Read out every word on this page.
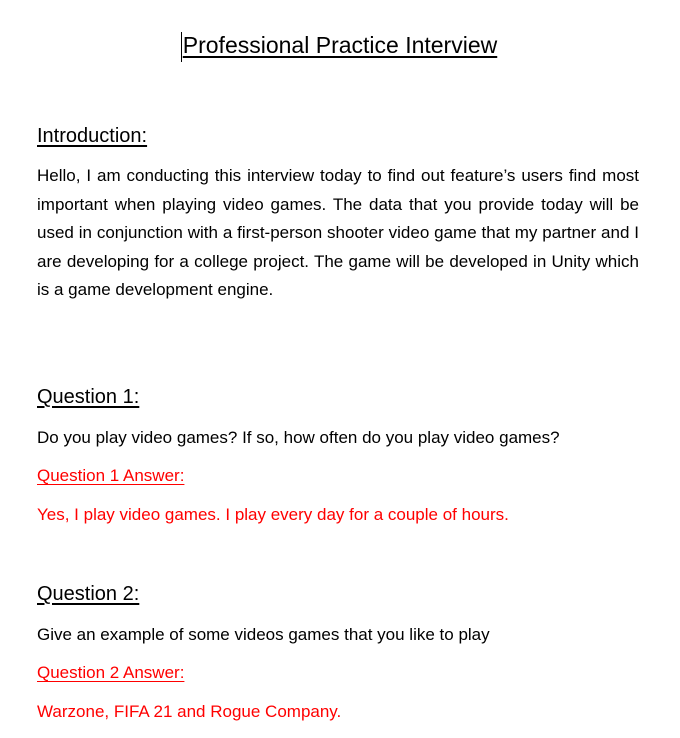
Professional Practice Interview
Introduction:

Hello, I am conducting this interview today to find out feature’s users find most important when playing video games. The data that you provide today will be used in conjunction with a first-person shooter video game that my partner and I are developing for a college project. The game will be developed in Unity which is a game development engine.

Question 1:

Do you play video games? If so, how often do you play video games?

Question 1 Answer:

Yes, I play video games. I play every day for a couple of hours.

Question 2:

Give an example of some videos games that you like to play

Question 2 Answer:

Warzone, FIFA 21 and Rogue Company.
